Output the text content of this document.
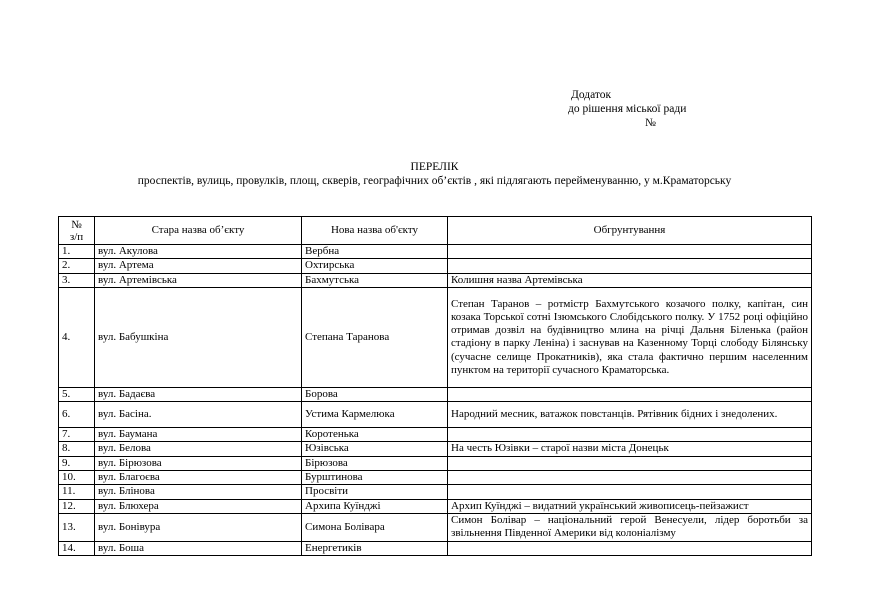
Додаток
до рішення міської ради
№
ПЕРЕЛІК
проспектів, вулиць, провулків, площ, скверів, географічних об’єктів , які підлягають перейменуванню, у м.Краматорську
№
з/п	Стара назва об’єкту	Нова назва об'єкту	Обгрунтування
1.	вул. Акулова	Вербна	
2.	вул. Артема	Охтирська	
3.	вул. Артемівська	Бахмутська	Колишня назва Артемівська
4.	вул. Бабушкіна	Степана Таранова	Степан Таранов – ротмістр Бахмутського козачого полку, капітан, син козака Торської сотні Ізюмського Слобідського полку. У 1752 році офіційно отримав дозвіл на будівництво млина на річці Дальня Біленька (район стадіону в парку Леніна) і заснував на Казенному Торці слободу Білянську (сучасне селище Прокатників), яка стала фактично першим населенним пунктом на території сучасного Краматорська.
5.	вул. Бадаєва	Борова	
6.	вул. Басіна.	Устима Кармелюка	Народний месник, ватажок повстанців. Рятівник бідних і знедолених.
7.	вул. Баумана	Коротенька	
8.	вул. Белова	Юзівська	На честь Юзівки – старої назви міста Донецьк
9.	вул. Бірюзова	Бірюзова	
10.	вул. Благоєва	Бурштинова	
11.	вул. Блінова	Просвіти	
12.	вул. Блюхера	Архипа Куїнджі	Архип Куїнджі – видатний український живописець-пейзажист
13.	вул. Бонівура	Симона Болівара	Симон Болівар – національний герой Венесуели, лідер боротьби за звільнення Південної Америки від колоніалізму
14.	вул. Боша	Енергетиків	
